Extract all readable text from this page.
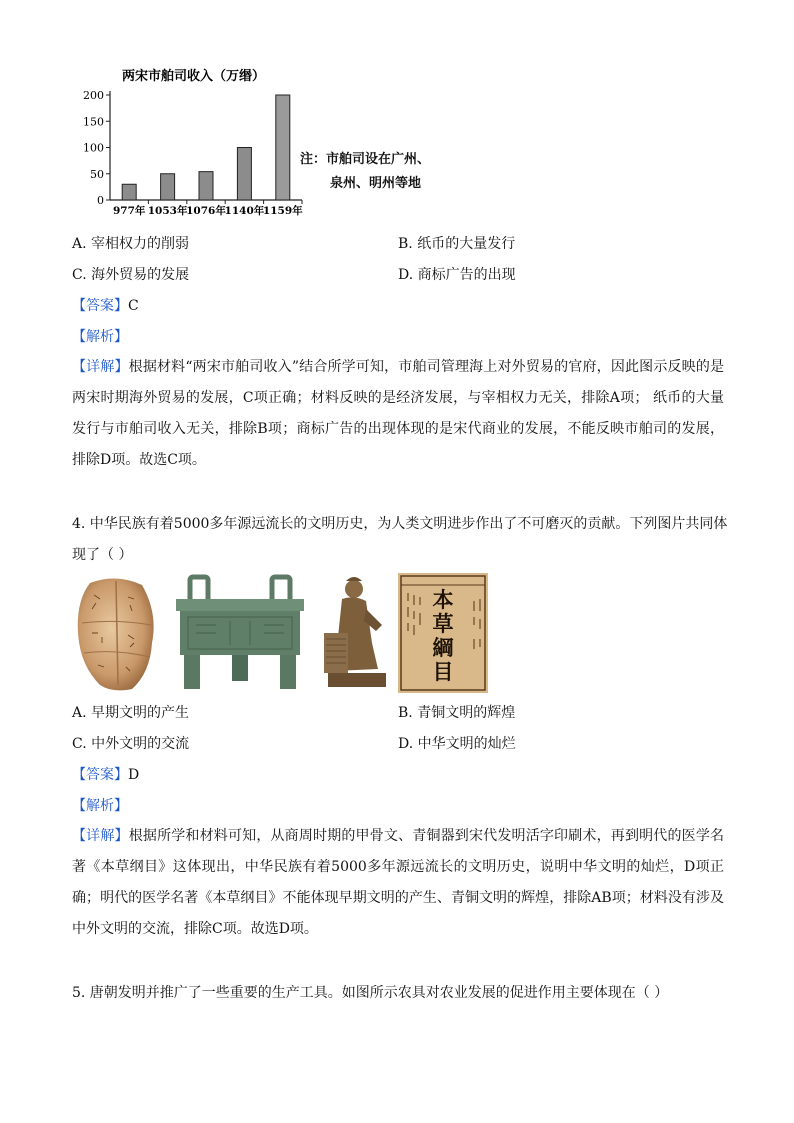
两宋市舶司收入（万缗）
0
50
100
150
200
977年 1053年
1076年
1140年
1159年
注：市舶司设在广州、
泉州、明州等地
A. 宰相权力的削弱	B. 纸币的大量发行
C. 海外贸易的发展	D. 商标广告的出现
【答案】C
【解析】
【详解】根据材料“两宋市舶司收入”结合所学可知，市舶司管理海上对外贸易的官府，因此图示反映的是两宋时期海外贸易的发展，C项正确；材料反映的是经济发展，与宰相权力无关，排除A项； 纸币的大量发行与市舶司收入无关，排除B项；商标广告的出现体现的是宋代商业的发展，不能反映市舶司的发展，排除D项。故选C项。
4. 中华民族有着5000多年源远流长的文明历史，为人类文明进步作出了不可磨灭的贡献。下列图片共同体
现了（ ）
本
草
綱
目
A. 早期文明的产生	B. 青铜文明的辉煌
C. 中外文明的交流	D. 中华文明的灿烂
【答案】D
【解析】
【详解】根据所学和材料可知，从商周时期的甲骨文、青铜器到宋代发明活字印刷术，再到明代的医学名著《本草纲目》这体现出，中华民族有着5000多年源远流长的文明历史，说明中华文明的灿烂，D项正确；明代的医学名著《本草纲目》不能体现早期文明的产生、青铜文明的辉煌，排除AB项；材料没有涉及中外文明的交流，排除C项。故选D项。
5. 唐朝发明并推广了一些重要的生产工具。如图所示农具对农业发展的促进作用主要体现在（ ）
